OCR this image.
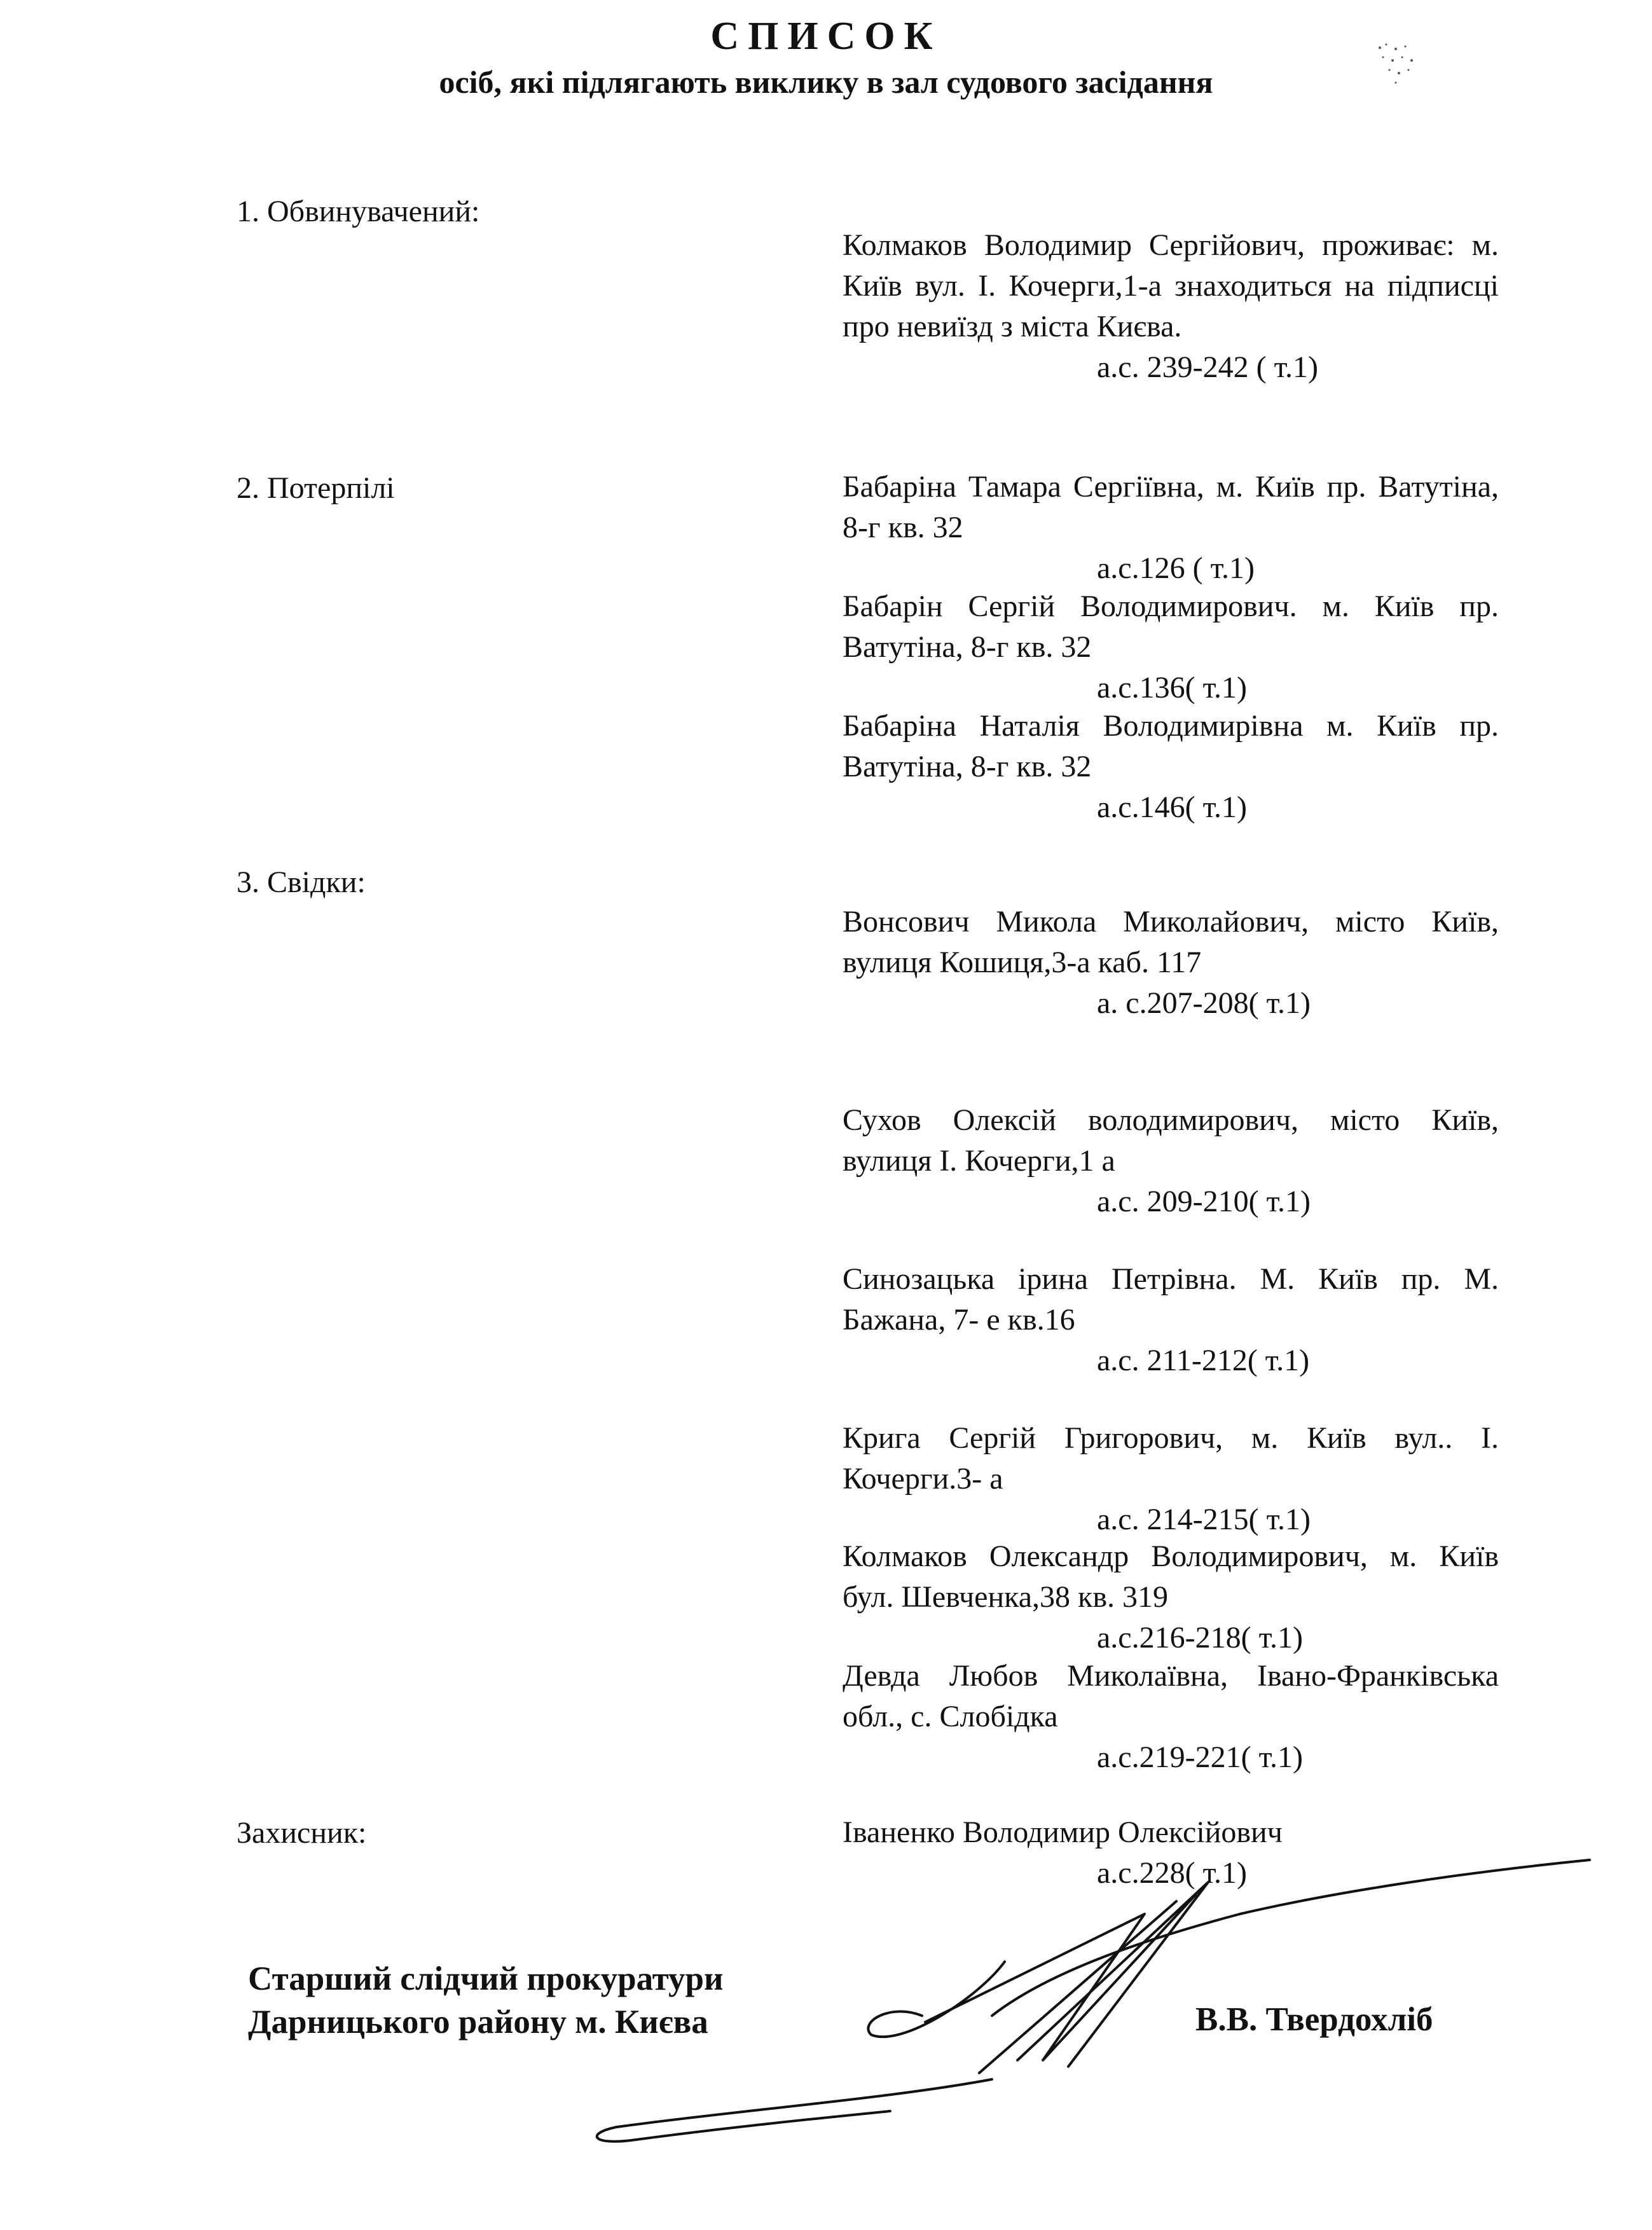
СПИСОК
осіб, які підлягають виклику в зал судового засідання
1. Обвинувачений:
2. Потерпілі
3. Свідки:
Захисник:
Колмаков Володимир Сергійович, проживає: м. Київ вул. І. Кочерги,1-а знаходиться на підписці про невиїзд з міста Києва.
а.с. 239-242 ( т.1)
Бабаріна Тамара Сергіївна, м. Київ пр. Ватутіна, 8-г кв. 32
а.с.126 ( т.1)
Бабарін Сергій Володимирович. м. Київ пр. Ватутіна, 8-г кв. 32
а.с.136( т.1)
Бабаріна Наталія Володимирівна м. Київ пр. Ватутіна, 8-г кв. 32
а.с.146( т.1)
Вонсович Микола Миколайович, місто Київ, вулиця Кошиця,3-а каб. 117
а. с.207-208( т.1)
Сухов Олексій володимирович, місто Київ, вулиця І. Кочерги,1 а
а.с. 209-210( т.1)
Синозацька ірина Петрівна. М. Київ пр. М. Бажана, 7- е кв.16
а.с. 211-212( т.1)
Крига Сергій Григорович, м. Київ вул.. І. Кочерги.3- а
а.с. 214-215( т.1)
Колмаков Олександр Володимирович, м. Київ бул. Шевченка,38 кв. 319
а.с.216-218( т.1)
Девда Любов Миколаївна, Івано-Франківська обл., с. Слобідка
а.с.219-221( т.1)
Іваненко Володимир Олексійович
а.с.228( т.1)
Старший слідчий прокуратури
Дарницького району м. Києва	В.В. Твердохліб
